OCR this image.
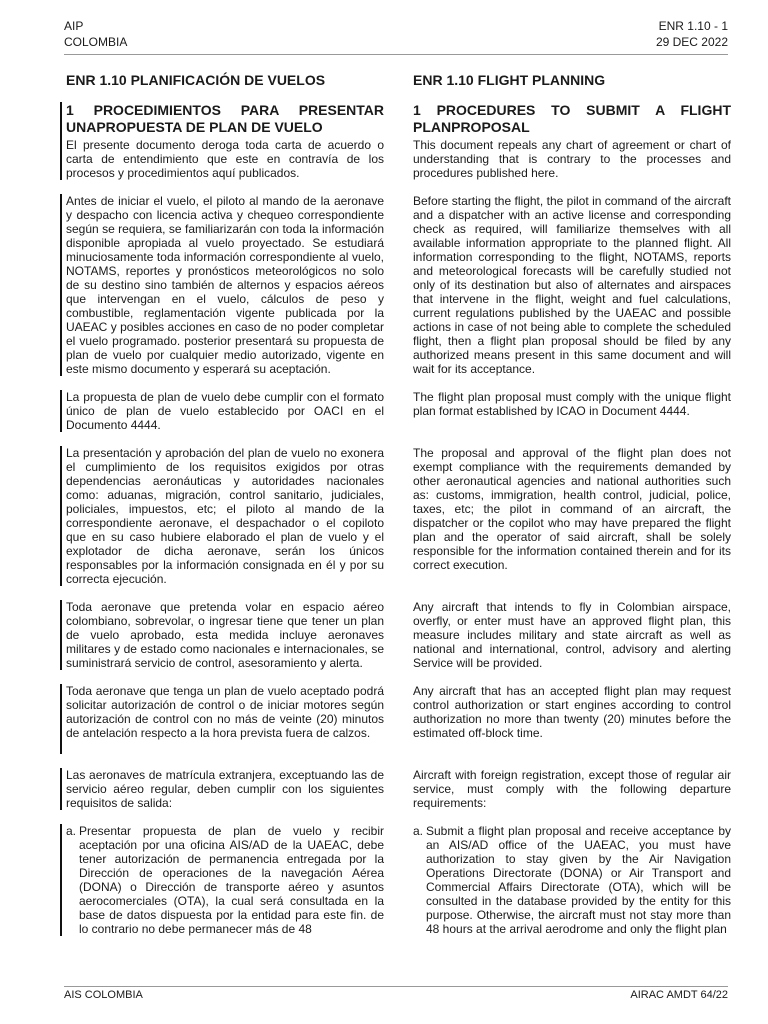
AIP
COLOMBIA
ENR 1.10 - 1
29 DEC 2022
ENR 1.10 PLANIFICACIÓN DE VUELOS
1 PROCEDIMIENTOS PARA PRESENTAR UNAPROPUESTA DE PLAN DE VUELO

El presente documento deroga toda carta de acuerdo o carta de entendimiento que este en contravía de los procesos y procedimientos aquí publicados.

Antes de iniciar el vuelo, el piloto al mando de la aeronave y despacho con licencia activa y chequeo correspondiente según se requiera, se familiarizarán con toda la información disponible apropiada al vuelo proyectado. Se estudiará minuciosamente toda información correspondiente al vuelo, NOTAMS, reportes y pronósticos meteorológicos no solo de su destino sino también de alternos y espacios aéreos que intervengan en el vuelo, cálculos de peso y combustible, reglamentación vigente publicada por la UAEAC y posibles acciones en caso de no poder completar el vuelo programado. posterior presentará su propuesta de plan de vuelo por cualquier medio autorizado, vigente en este mismo documento y esperará su aceptación.

La propuesta de plan de vuelo debe cumplir con el formato único de plan de vuelo establecido por OACI en el Documento 4444.

La presentación y aprobación del plan de vuelo no exonera el cumplimiento de los requisitos exigidos por otras dependencias aeronáuticas y autoridades nacionales como: aduanas, migración, control sanitario, judiciales, policiales, impuestos, etc; el piloto al mando de la correspondiente aeronave, el despachador o el copiloto que en su caso hubiere elaborado el plan de vuelo y el explotador de dicha aeronave, serán los únicos responsables por la información consignada en él y por su correcta ejecución.

Toda aeronave que pretenda volar en espacio aéreo colombiano, sobrevolar, o ingresar tiene que tener un plan de vuelo aprobado, esta medida incluye aeronaves militares y de estado como nacionales e internacionales, se suministrará servicio de control, asesoramiento y alerta.

Toda aeronave que tenga un plan de vuelo aceptado podrá solicitar autorización de control o de iniciar motores según autorización de control con no más de veinte (20) minutos de antelación respecto a la hora prevista fuera de calzos.

Las aeronaves de matrícula extranjera, exceptuando las de servicio aéreo regular, deben cumplir con los siguientes requisitos de salida:

a. Presentar propuesta de plan de vuelo y recibir aceptación por una oficina AIS/AD de la UAEAC, debe tener autorización de permanencia entregada por la Dirección de operaciones de la navegación Aérea (DONA) o Dirección de transporte aéreo y asuntos aerocomerciales (OTA), la cual será consultada en la base de datos dispuesta por la entidad para este fin. de lo contrario no debe permanecer más de 48
ENR 1.10 FLIGHT PLANNING
1 PROCEDURES TO SUBMIT A FLIGHT PLANPROPOSAL

This document repeals any chart of agreement or chart of understanding that is contrary to the processes and procedures published here.

Before starting the flight, the pilot in command of the aircraft and a dispatcher with an active license and corresponding check as required, will familiarize themselves with all available information appropriate to the planned flight. All information corresponding to the flight, NOTAMS, reports and meteorological forecasts will be carefully studied not only of its destination but also of alternates and airspaces that intervene in the flight, weight and fuel calculations, current regulations published by the UAEAC and possible actions in case of not being able to complete the scheduled flight, then a flight plan proposal should be filed by any authorized means present in this same document and will wait for its acceptance.

The flight plan proposal must comply with the unique flight plan format established by ICAO in Document 4444.

The proposal and approval of the flight plan does not exempt compliance with the requirements demanded by other aeronautical agencies and national authorities such as: customs, immigration, health control, judicial, police, taxes, etc; the pilot in command of an aircraft, the dispatcher or the copilot who may have prepared the flight plan and the operator of said aircraft, shall be solely responsible for the information contained therein and for its correct execution.

Any aircraft that intends to fly in Colombian airspace, overfly, or enter must have an approved flight plan, this measure includes military and state aircraft as well as national and international, control, advisory and alerting Service will be provided.

Any aircraft that has an accepted flight plan may request control authorization or start engines according to control authorization no more than twenty (20) minutes before the estimated off-block time.

Aircraft with foreign registration, except those of regular air service, must comply with the following departure requirements:

a. Submit a flight plan proposal and receive acceptance by an AIS/AD office of the UAEAC, you must have authorization to stay given by the Air Navigation Operations Directorate (DONA) or Air Transport and Commercial Affairs Directorate (OTA), which will be consulted in the database provided by the entity for this purpose. Otherwise, the aircraft must not stay more than 48 hours at the arrival aerodrome and only the flight plan
AIS COLOMBIA	AIRAC AMDT 64/22
